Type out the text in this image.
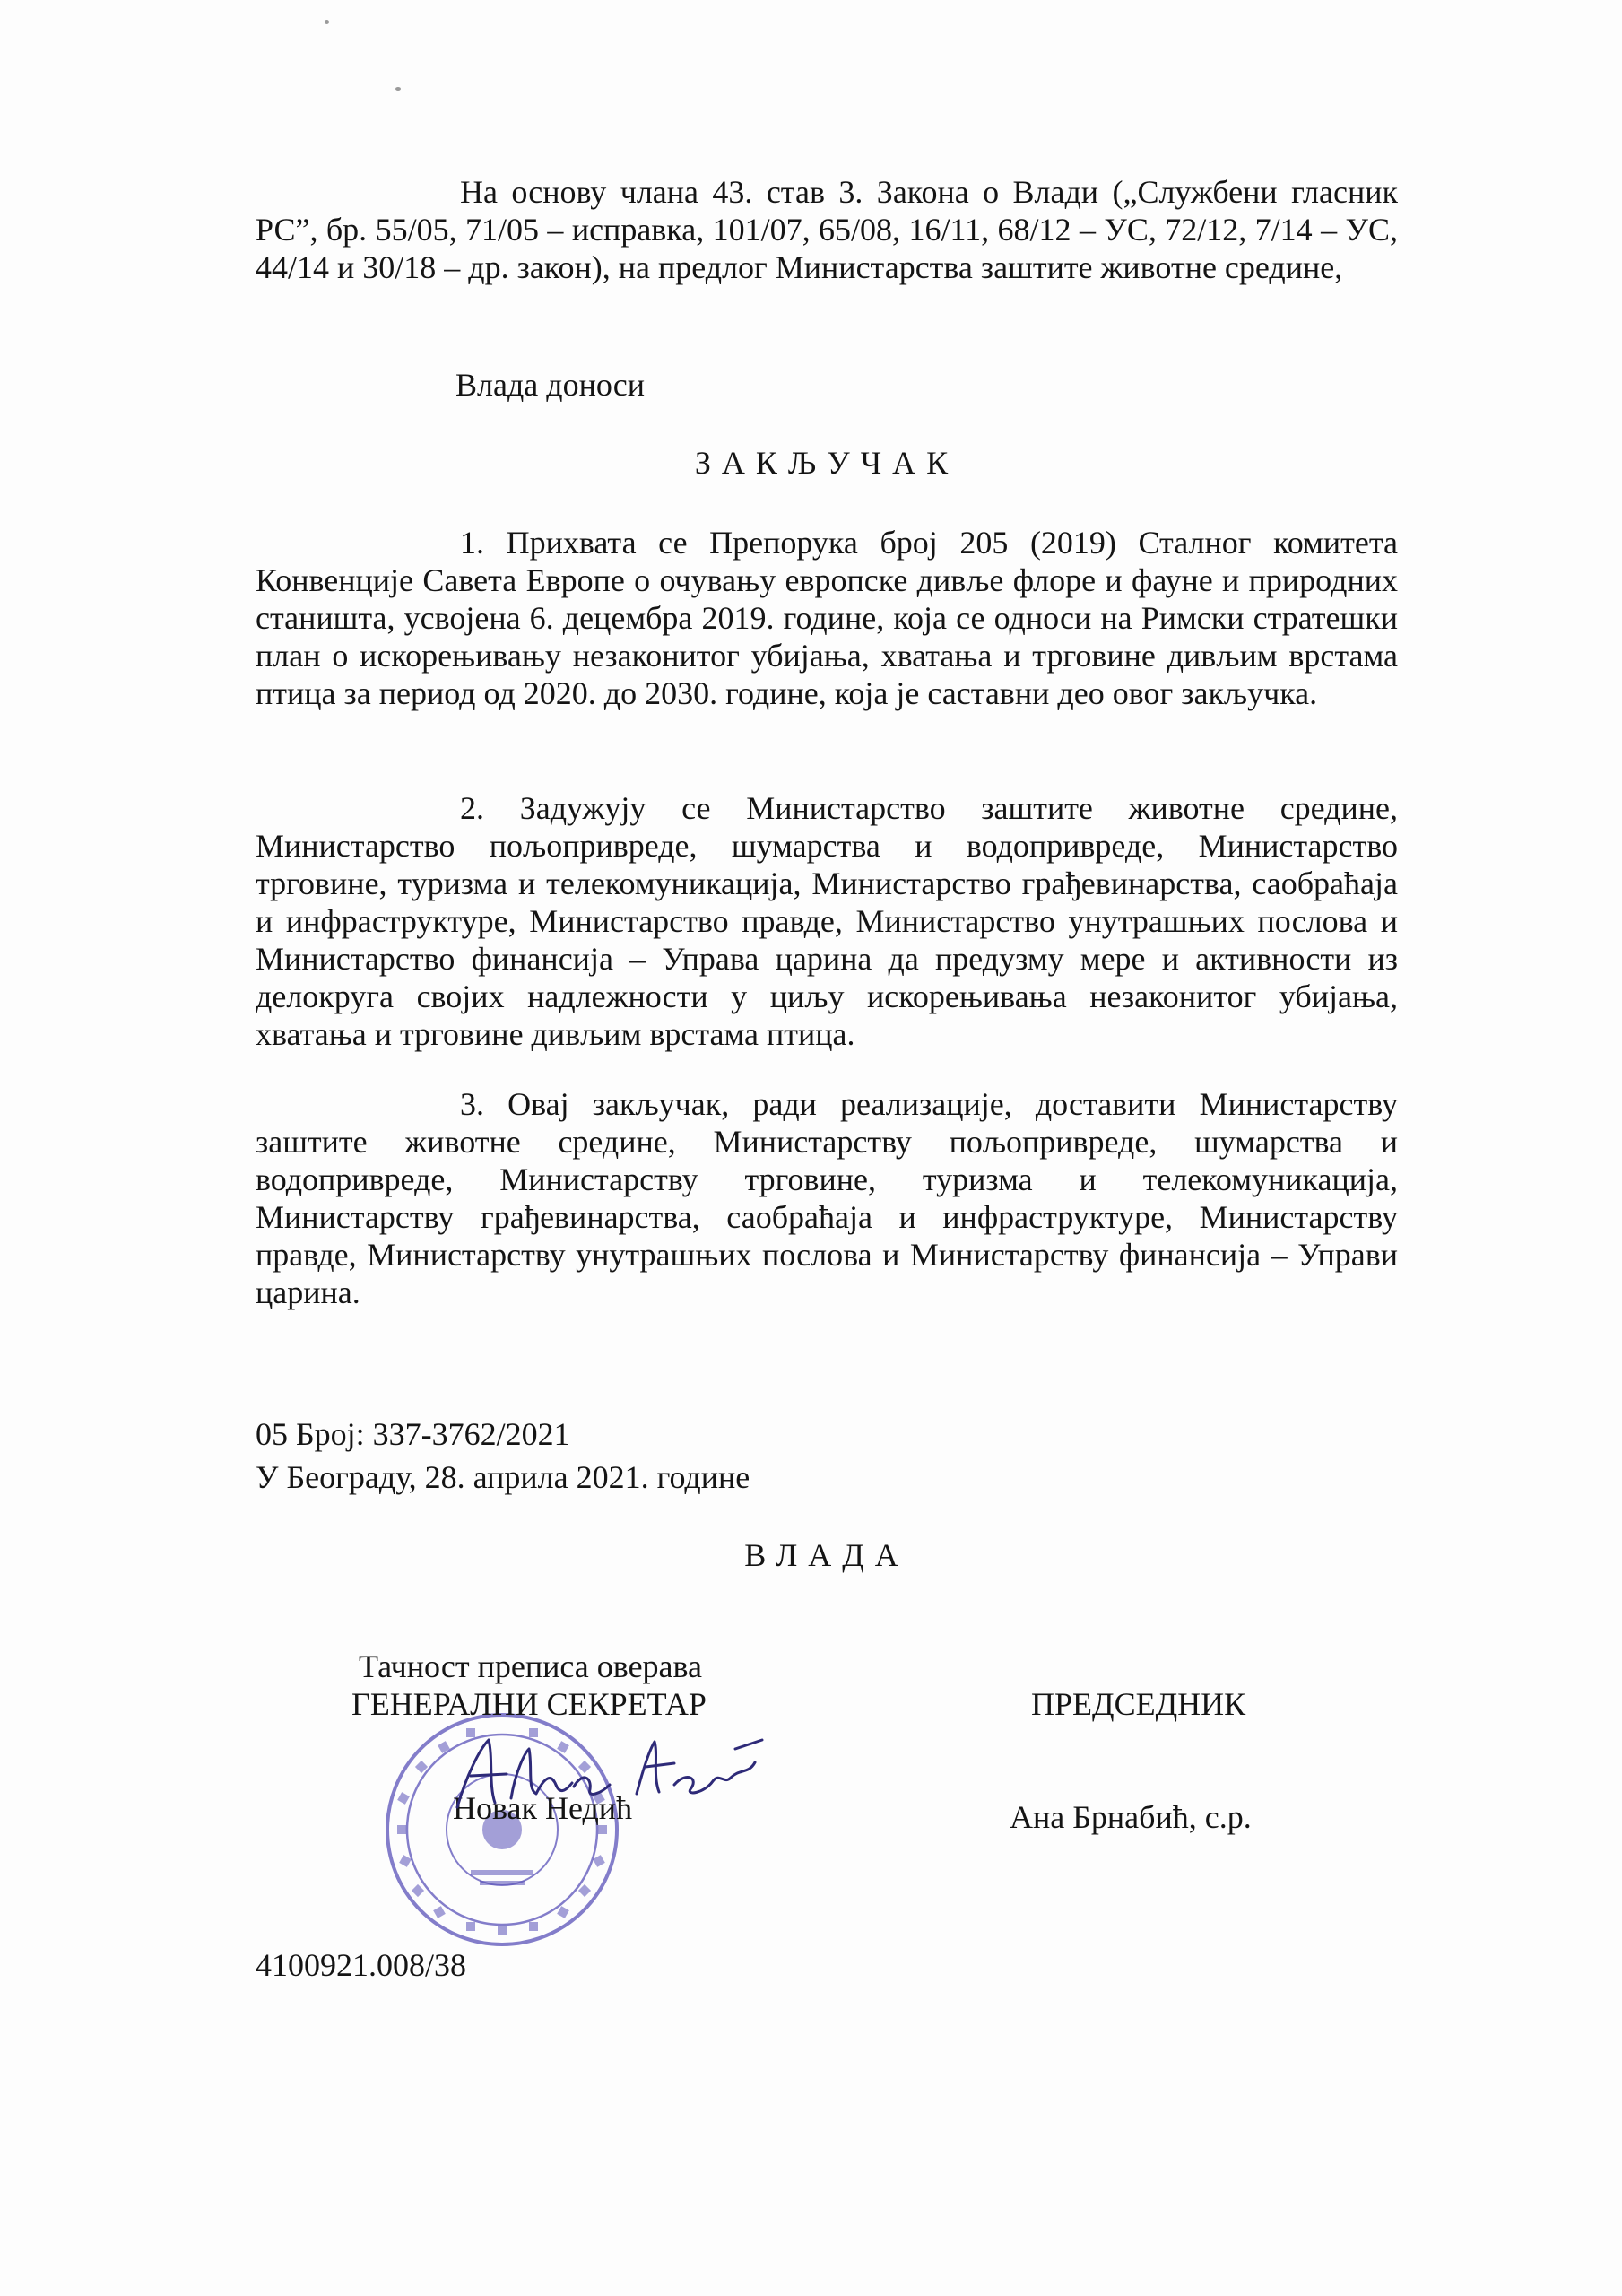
На основу члана 43. став 3. Закона о Влади („Службени гласник РС”, бр. 55/05, 71/05 – исправка, 101/07, 65/08, 16/11, 68/12 – УС, 72/12, 7/14 – УС, 44/14 и 30/18 – др. закон), на предлог Министарства заштите животне средине,

Влада доноси
ЗАКЉУЧАК

1. Прихвата се Препорука број 205 (2019) Сталног комитета Конвенције Савета Европе о очувању европске дивље флоре и фауне и природних станишта, усвојена 6. децембра 2019. године, која се односи на Римски стратешки план о искорењивању незаконитог убијања, хватања и трговине дивљим врстама птица за период од 2020. до 2030. године, која је саставни део овог закључка.

2. Задужују се Министарство заштите животне средине, Министарство пољопривреде, шумарства и водопривреде, Министарство трговине, туризма и телекомуникација, Министарство грађевинарства, саобраћаја и инфраструктуре, Министарство правде, Министарство унутрашњих послова и Министарство финансија – Управа царина да предузму мере и активности из делокруга својих надлежности у циљу искорењивања незаконитог убијања, хватања и трговине дивљим врстама птица.

3. Овај закључак, ради реализације, доставити Министарству заштите животне средине, Министарству пољопривреде, шумарства и водопривреде, Министарству трговине, туризма и телекомуникација, Министарству грађевинарства, саобраћаја и инфраструктуре, Министарству правде, Министарству унутрашњих послова и Министарству финансија – Управи царина.

05 Број: 337-3762/2021
У Београду, 28. априла 2021. године
ВЛАДА
Тачност преписа оверава
ГЕНЕРАЛНИ СЕКРЕТАР
Новак Недић
ПРЕДСЕДНИК
Ана Брнабић, с.р.
4100921.008/38
